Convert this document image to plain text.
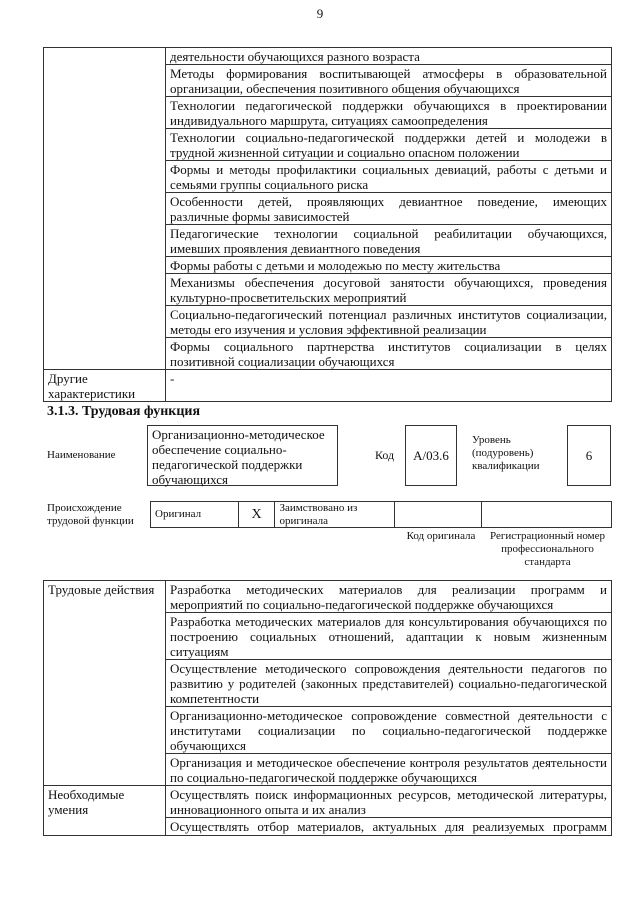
9
	деятельности обучающихся разного возраста
	Методы формирования воспитывающей атмосферы в образовательной организации, обеспечения позитивного общения обучающихся
	Технологии педагогической поддержки обучающихся в проектировании индивидуального маршрута, ситуациях самоопределения
	Технологии социально-педагогической поддержки детей и молодежи в трудной жизненной ситуации и социально опасном положении
	Формы и методы профилактики социальных девиаций, работы с детьми и семьями группы социального риска
	Особенности детей, проявляющих девиантное поведение, имеющих различные формы зависимостей
	Педагогические технологии социальной реабилитации обучающихся, имевших проявления девиантного поведения
	Формы работы с детьми и молодежью по месту жительства
	Механизмы обеспечения досуговой занятости обучающихся, проведения культурно-просветительских мероприятий
	Социально-педагогический потенциал различных институтов социализации, методы его изучения и условия эффективной реализации
	Формы социального партнерства институтов социализации в целях позитивной социализации обучающихся
Другие характеристики	-
3.1.3. Трудовая функция
Наименование
Организационно-методическое обеспечение социально-педагогической поддержки обучающихся
Код	А/03.6
Уровень (подуровень) квалификации
6
Происхождение трудовой функции
Оригинал	X	Заимствовано из оригинала
Код оригинала	Регистрационный номер профессионального стандарта
Трудовые действия	Разработка методических материалов для реализации программ и мероприятий по социально-педагогической поддержке обучающихся
	Разработка методических материалов для консультирования обучающихся по построению социальных отношений, адаптации к новым жизненным ситуациям
	Осуществление методического сопровождения деятельности педагогов по развитию у родителей (законных представителей) социально-педагогической компетентности
	Организационно-методическое сопровождение совместной деятельности с институтами социализации по социально-педагогической поддержке обучающихся
	Организация и методическое обеспечение контроля результатов деятельности по социально-педагогической поддержке обучающихся
Необходимые умения	Осуществлять поиск информационных ресурсов, методической литературы, инновационного опыта и их анализ

	Осуществлять отбор материалов, актуальных для реализуемых программ
